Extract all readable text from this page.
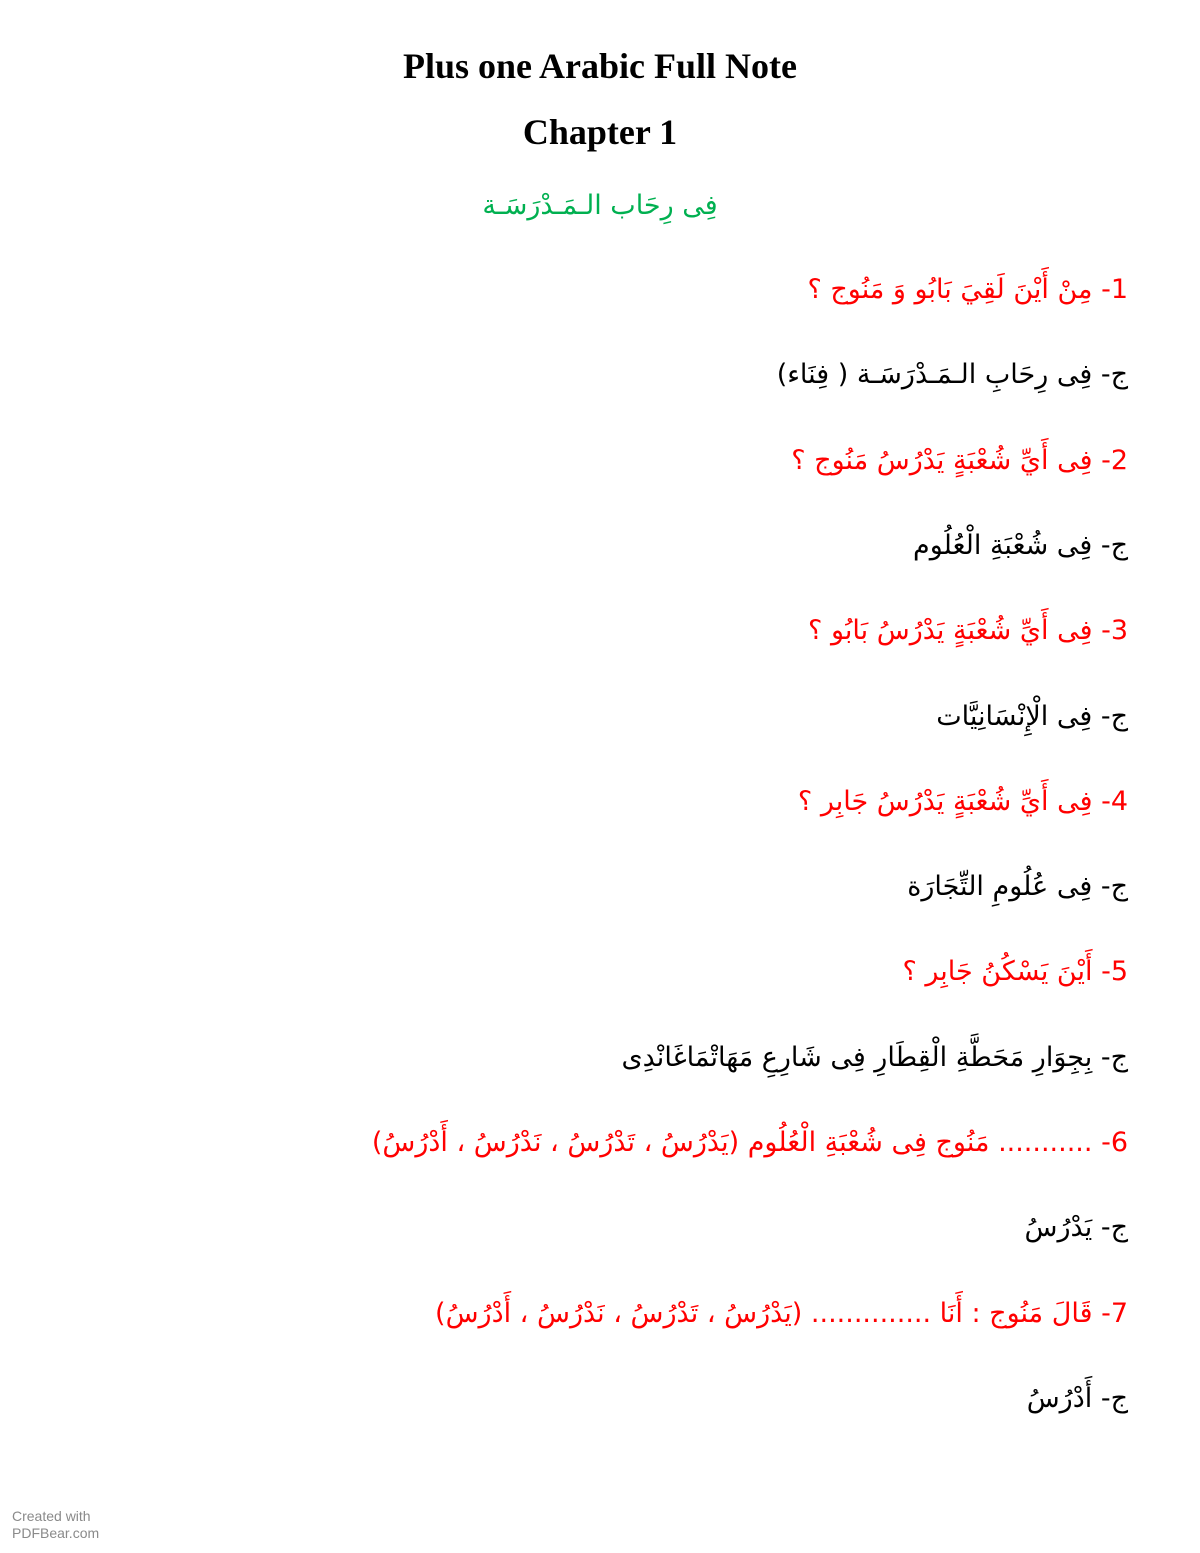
Plus one Arabic Full Note
Chapter 1
فِى رِحَاب الـمَـدْرَسَـة
1- مِنْ أَيْنَ لَقِيَ بَابُو وَ مَنُوج ؟
ج- فِى رِحَابِ الـمَـدْرَسَـة ( فِنَاء)
2- فِى أَيِّ شُعْبَةٍ يَدْرُسُ مَنُوج ؟
ج- فِى شُعْبَةِ الْعُلُوم
3- فِى أَيِّ شُعْبَةٍ يَدْرُسُ بَابُو ؟
ج- فِى الْإِنْسَانِيَّات
4- فِى أَيِّ شُعْبَةٍ يَدْرُسُ جَابِر ؟
ج- فِى عُلُومِ التِّجَارَة
5- أَيْنَ يَسْكُنُ جَابِر ؟
ج- بِجِوَارِ مَحَطَّةِ الْقِطَارِ فِى شَارِعِ مَهَاتْمَاغَانْدِى
6- ........... مَنُوج فِى شُعْبَةِ الْعُلُوم (يَدْرُسُ ، تَدْرُسُ ، نَدْرُسُ ، أَدْرُسُ)
ج- يَدْرُسُ
7- قَالَ مَنُوج : أَنَا .............. (يَدْرُسُ ، تَدْرُسُ ، نَدْرُسُ ، أَدْرُسُ)
ج- أَدْرُسُ
Created with
PDFBear.com
